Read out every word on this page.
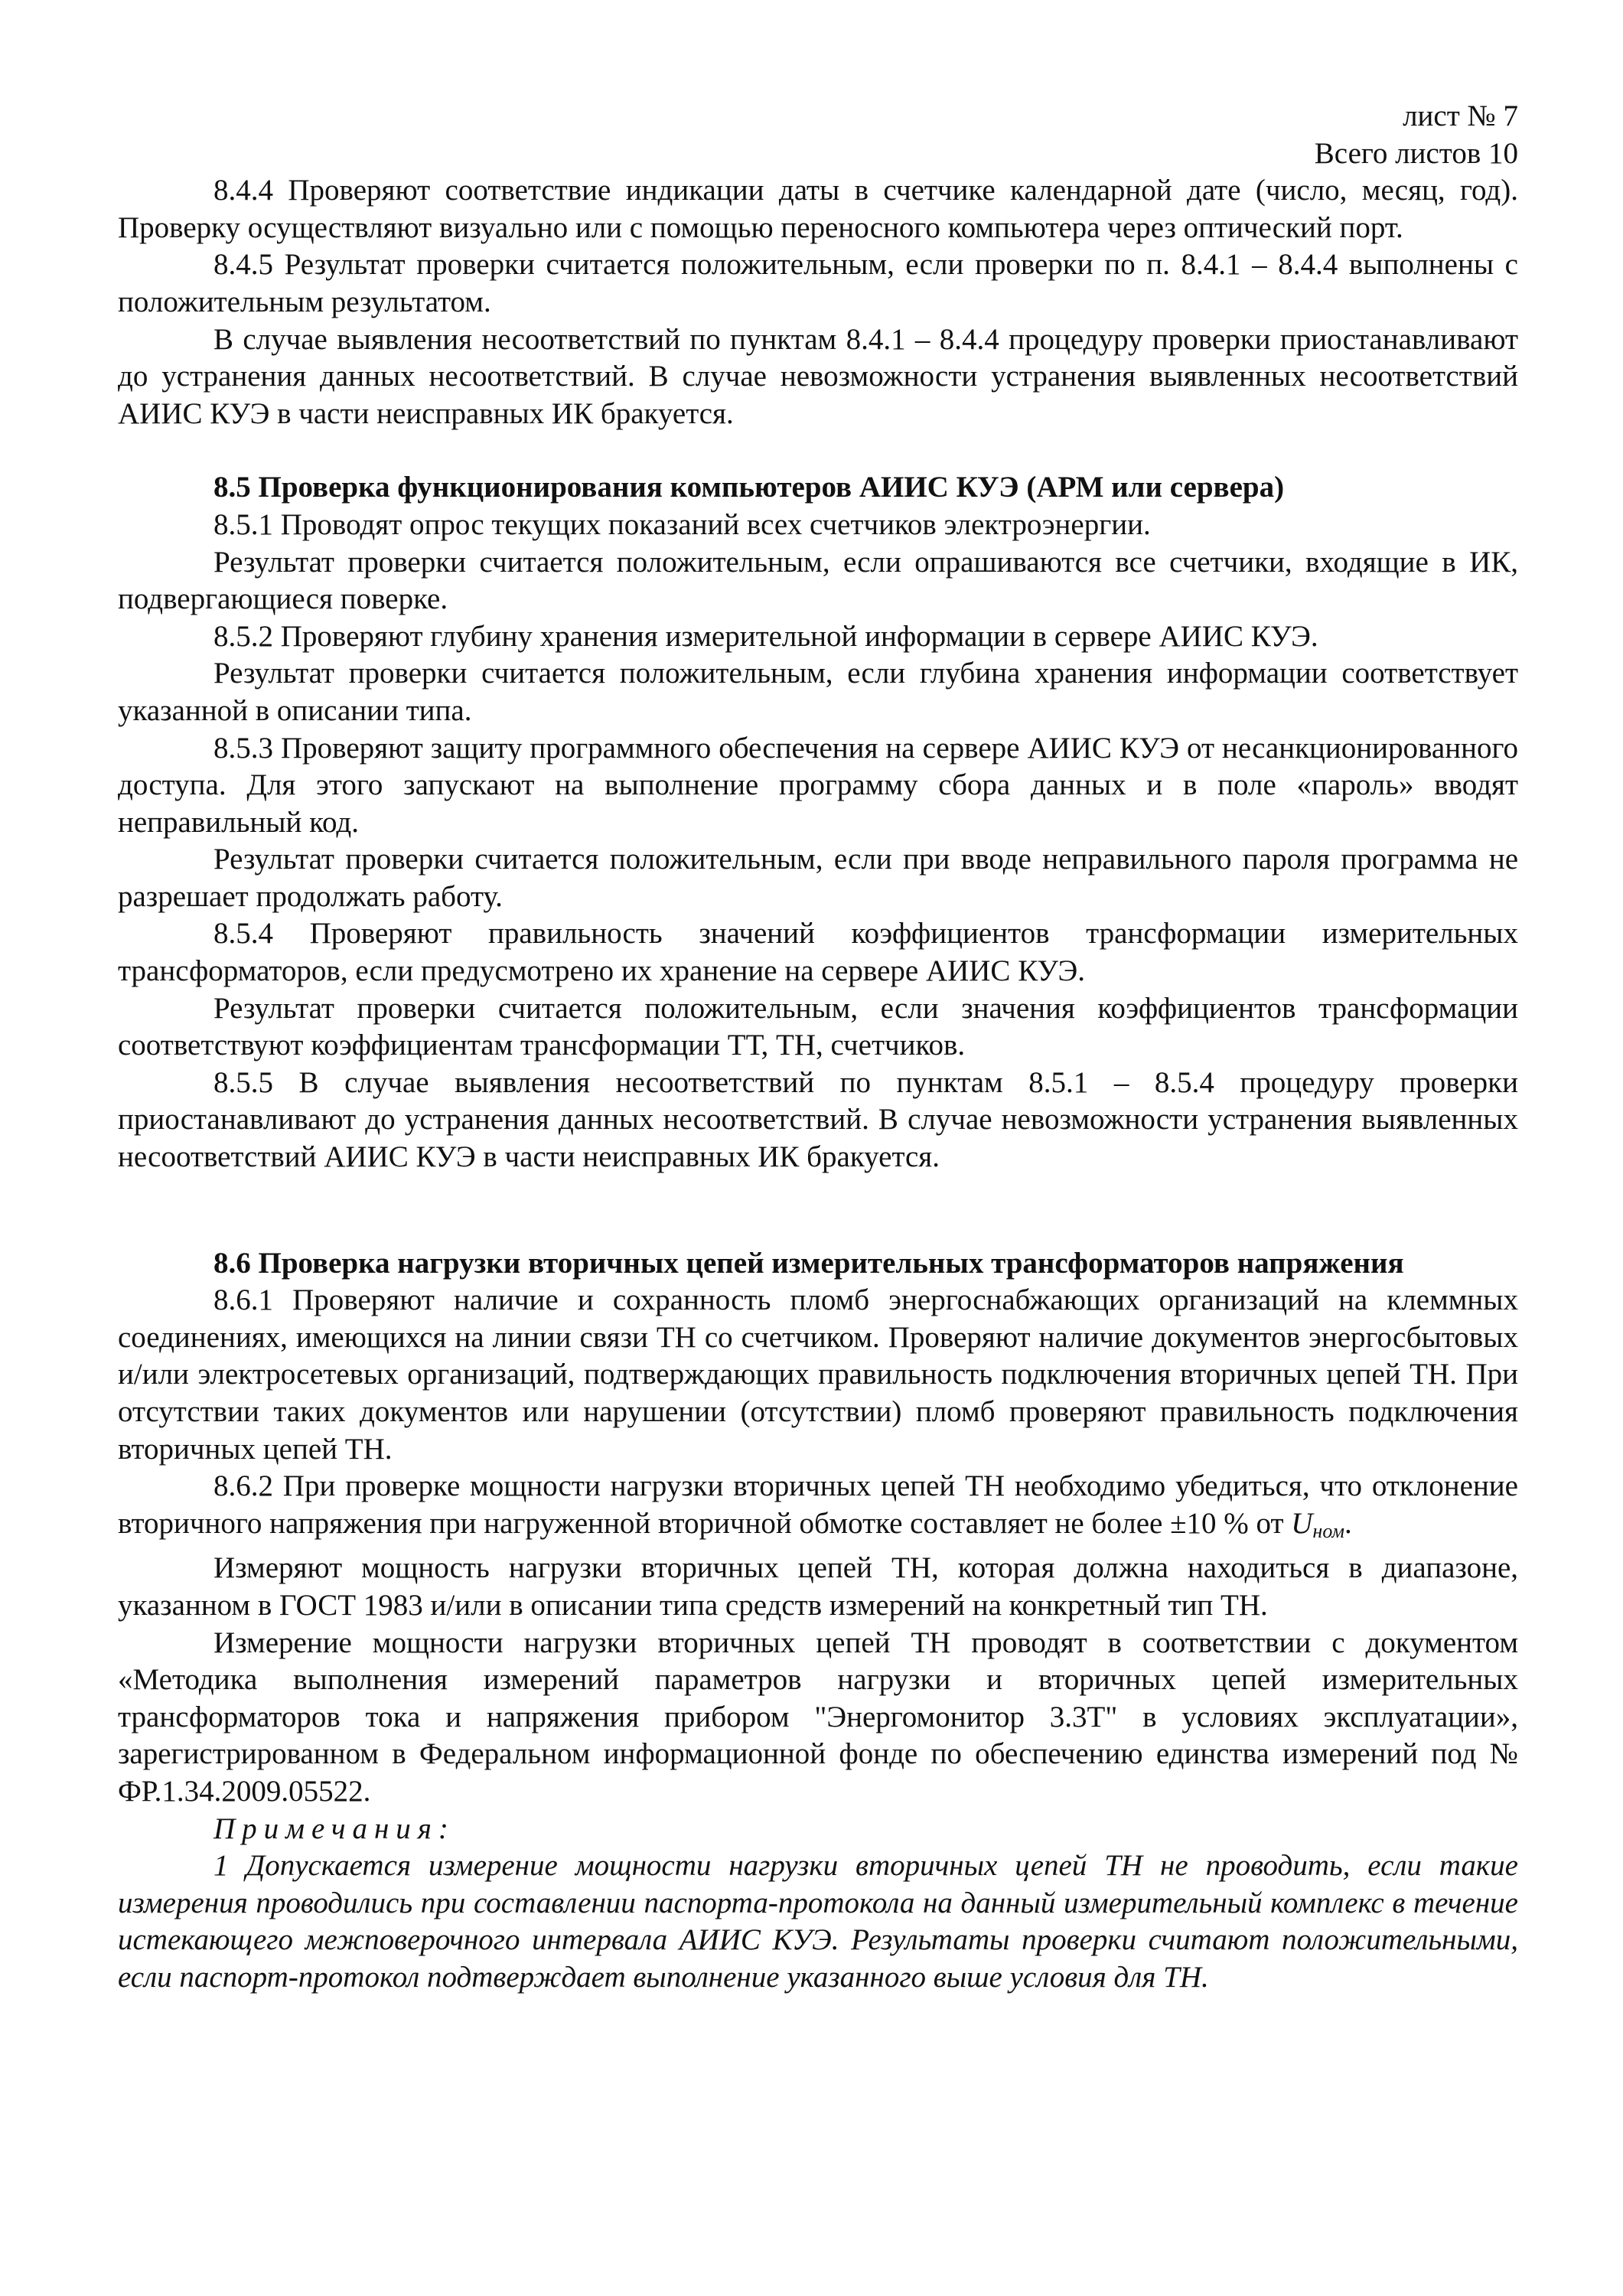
лист № 7

Всего листов 10

8.4.4 Проверяют соответствие индикации даты в счетчике календарной дате (число, месяц, год). Проверку осуществляют визуально или с помощью переносного компьютера через оптический порт.

8.4.5 Результат проверки считается положительным, если проверки по п. 8.4.1 – 8.4.4 выполнены с положительным результатом.

В случае выявления несоответствий по пунктам 8.4.1 – 8.4.4 процедуру проверки приостанавливают до устранения данных несоответствий. В случае невозможности устранения выявленных несоответствий АИИС КУЭ в части неисправных ИК бракуется.

8.5 Проверка функционирования компьютеров АИИС КУЭ (АРМ или сервера)

8.5.1 Проводят опрос текущих показаний всех счетчиков электроэнергии.

Результат проверки считается положительным, если опрашиваются все счетчики, входящие в ИК, подвергающиеся поверке.

8.5.2 Проверяют глубину хранения измерительной информации в сервере АИИС КУЭ.

Результат проверки считается положительным, если глубина хранения информации соответствует указанной в описании типа.

8.5.3 Проверяют защиту программного обеспечения на сервере АИИС КУЭ от несанкционированного доступа. Для этого запускают на выполнение программу сбора данных и в поле «пароль» вводят неправильный код.

Результат проверки считается положительным, если при вводе неправильного пароля программа не разрешает продолжать работу.

8.5.4 Проверяют правильность значений коэффициентов трансформации измерительных трансформаторов, если предусмотрено их хранение на сервере АИИС КУЭ.

Результат проверки считается положительным, если значения коэффициентов трансформации соответствуют коэффициентам трансформации ТТ, ТН, счетчиков.

8.5.5 В случае выявления несоответствий по пунктам 8.5.1 – 8.5.4 процедуру проверки приостанавливают до устранения данных несоответствий. В случае невозможности устранения выявленных несоответствий АИИС КУЭ в части неисправных ИК бракуется.

8.6 Проверка нагрузки вторичных цепей измерительных трансформаторов напряжения

8.6.1 Проверяют наличие и сохранность пломб энергоснабжающих организаций на клеммных соединениях, имеющихся на линии связи ТН со счетчиком. Проверяют наличие документов энергосбытовых и/или электросетевых организаций, подтверждающих правильность подключения вторичных цепей ТН. При отсутствии таких документов или нарушении (отсутствии) пломб проверяют правильность подключения вторичных цепей ТН.

8.6.2 При проверке мощности нагрузки вторичных цепей ТН необходимо убедиться, что отклонение вторичного напряжения при нагруженной вторичной обмотке составляет не более ±10 % от $U_{ном}$.

Измеряют мощность нагрузки вторичных цепей ТН, которая должна находиться в диапазоне, указанном в ГОСТ 1983 и/или в описании типа средств измерений на конкретный тип ТН.

Измерение мощности нагрузки вторичных цепей ТН проводят в соответствии с документом «Методика выполнения измерений параметров нагрузки и вторичных цепей измерительных трансформаторов тока и напряжения прибором "Энергомонитор 3.3Т" в условиях эксплуатации», зарегистрированном в Федеральном информационной фонде по обеспечению единства измерений под № ФР.1.34.2009.05522.

Примечания:

1 Допускается измерение мощности нагрузки вторичных цепей ТН не проводить, если такие измерения проводились при составлении паспорта-протокола на данный измерительный комплекс в течение истекающего межповерочного интервала АИИС КУЭ. Результаты проверки считают положительными, если паспорт-протокол подтверждает выполнение указанного выше условия для ТН.
